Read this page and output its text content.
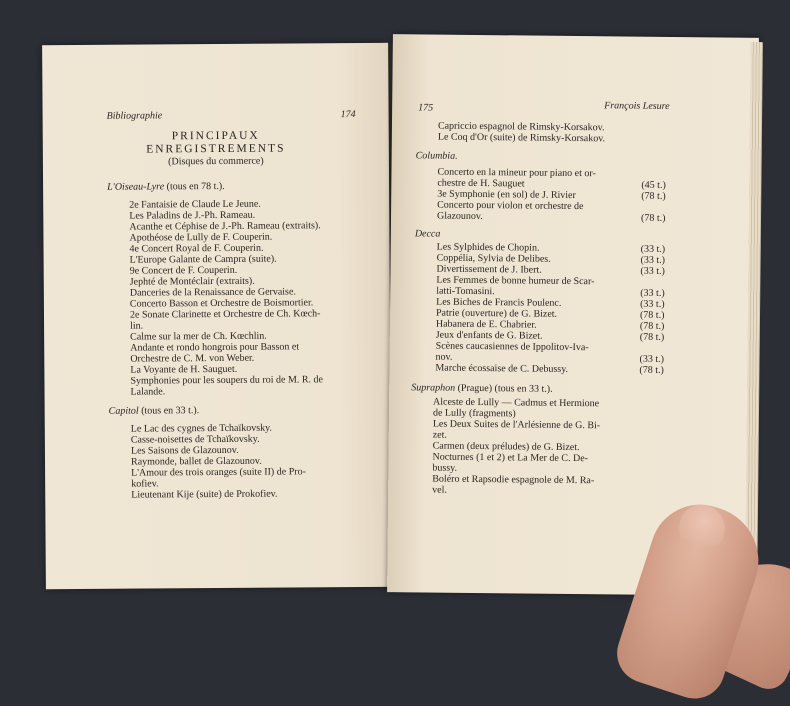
Bibliographie	174
PRINCIPAUX
ENREGISTREMENTS
(Disques du commerce)
L'Oiseau-Lyre (tous en 78 t.).
2e Fantaisie de Claude Le Jeune.
Les Paladins de J.-Ph. Rameau.
Acanthe et Céphise de J.-Ph. Rameau (extraits).
Apothéose de Lully de F. Couperin.
4e Concert Royal de F. Couperin.
L'Europe Galante de Campra (suite).
9e Concert de F. Couperin.
Jephté de Montéclair (extraits).
Danceries de la Renaissance de Gervaise.
Concerto Basson et Orchestre de Boismortier.
2e Sonate Clarinette et Orchestre de Ch. Kœch-
lin.
Calme sur la mer de Ch. Kœchlin.
Andante et rondo hongrois pour Basson et
Orchestre de C. M. von Weber.
La Voyante de H. Sauguet.
Symphonies pour les soupers du roi de M. R. de
Lalande.
Capitol (tous en 33 t.).
Le Lac des cygnes de Tchaïkovsky.
Casse-noisettes de Tchaïkovsky.
Les Saisons de Glazounov.
Raymonde, ballet de Glazounov.
L'Amour des trois oranges (suite II) de Pro-
kofiev.
Lieutenant Kije (suite) de Prokofiev.
175	François Lesure
Capriccio espagnol de Rimsky-Korsakov.
Le Coq d'Or (suite) de Rimsky-Korsakov.
Columbia.
Concerto en la mineur pour piano et or-
chestre de H. Sauguet	(45 t.)
3e Symphonie (en sol) de J. Rivier	(78 t.)
Concerto pour violon et orchestre de
Glazounov.	(78 t.)
Decca
Les Sylphides de Chopin.	(33 t.)
Coppélia, Sylvia de Delibes.	(33 t.)
Divertissement de J. Ibert.	(33 t.)
Les Femmes de bonne humeur de Scar-
latti-Tomasini.	(33 t.)
Les Biches de Francis Poulenc.	(33 t.)
Patrie (ouverture) de G. Bizet.	(78 t.)
Habanera de E. Chabrier.	(78 t.)
Jeux d'enfants de G. Bizet.	(78 t.)
Scènes caucasiennes de Ippolitov-Iva-
nov.	(33 t.)
Marche écossaise de C. Debussy.	(78 t.)
Supraphon (Prague) (tous en 33 t.).
Alceste de Lully — Cadmus et Hermione
de Lully (fragments)
Les Deux Suites de l'Arlésienne de G. Bi-
zet.
Carmen (deux préludes) de G. Bizet.
Nocturnes (1 et 2) et La Mer de C. De-
bussy.
Boléro et Rapsodie espagnole de M. Ra-
vel.
